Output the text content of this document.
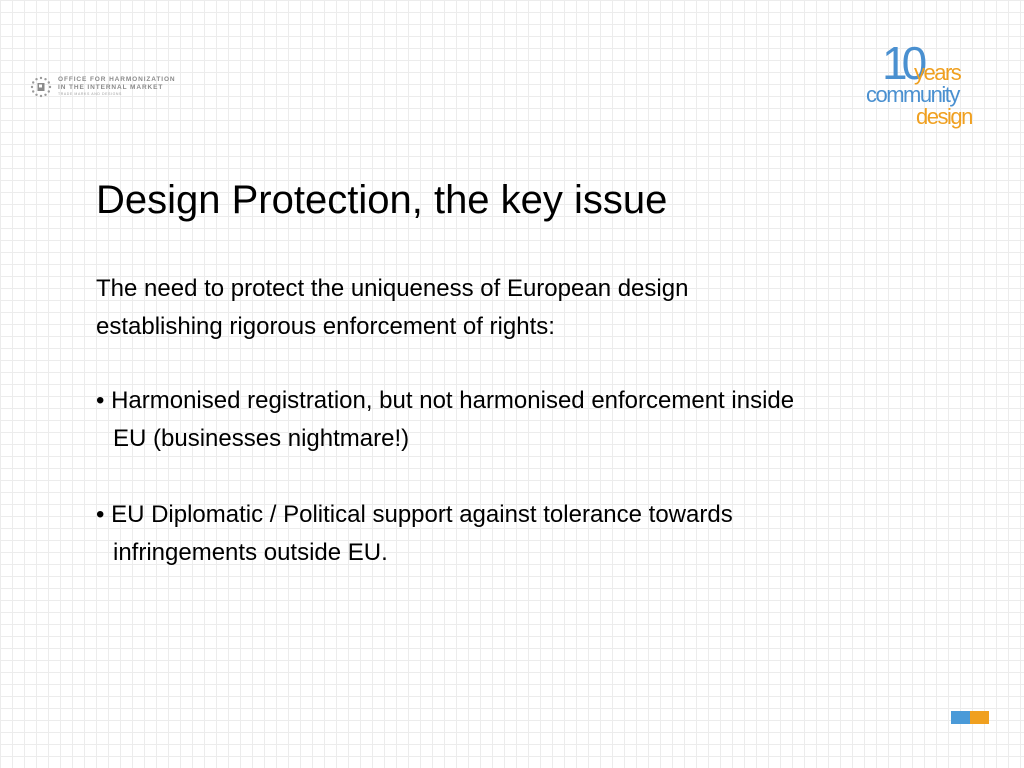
OFFICE FOR HARMONIZATION
IN THE INTERNAL MARKET
TRADE MARKS AND DESIGNS
10
years
community
design
Design Protection, the key issue

The need to protect the uniqueness of European design
establishing rigorous enforcement of rights:

• Harmonised registration, but not harmonised enforcement inside
EU (businesses nightmare!)

• EU Diplomatic / Political support against tolerance towards
infringements outside EU.
